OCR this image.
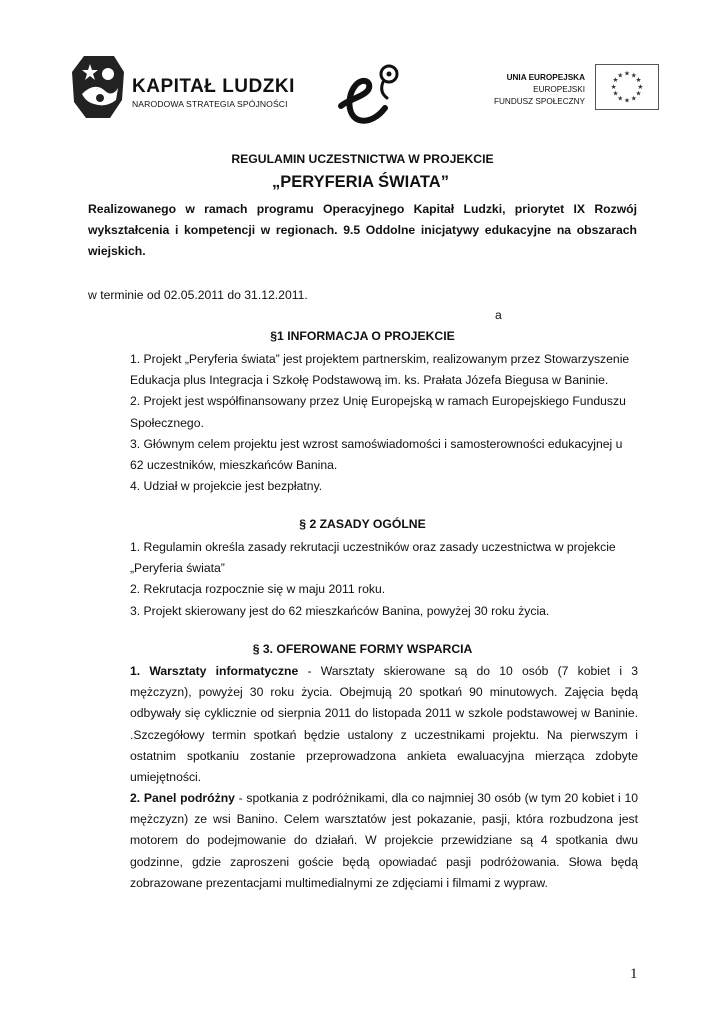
KAPITAŁ LUDZKI
NARODOWA STRATEGIA SPÓJNOŚCI
UNIA EUROPEJSKA
EUROPEJSKI
FUNDUSZ SPOŁECZNY
★ ★
★
★
★
★
★
★
★
★
★
★
REGULAMIN UCZESTNICTWA W PROJEKCIE
„PERYFERIA ŚWIATA”
Realizowanego w ramach programu Operacyjnego Kapitał Ludzki, priorytet IX Rozwój
wykształcenia i kompetencji w regionach. 9.5 Oddolne inicjatywy edukacyjne na obszarach
wiejskich.
w terminie od 02.05.2011 do 31.12.2011.
a
§1 INFORMACJA O PROJEKCIE
1. Projekt „Peryferia świata” jest projektem partnerskim, realizowanym przez Stowarzyszenie
Edukacja plus Integracja i Szkołę Podstawową im. ks. Prałata Józefa Biegusa w Baninie.
2. Projekt jest współfinansowany przez Unię Europejską w ramach Europejskiego Funduszu
Społecznego.
3. Głównym celem projektu jest wzrost samoświadomości i samosterowności edukacyjnej u
62 uczestników, mieszkańców Banina.
4. Udział w projekcie jest bezpłatny.
§ 2 ZASADY OGÓLNE
1. Regulamin określa zasady rekrutacji uczestników oraz zasady uczestnictwa w projekcie
„Peryferia świata”
2. Rekrutacja rozpocznie się w maju 2011 roku.
3. Projekt skierowany jest do 62 mieszkańców Banina, powyżej 30 roku życia.
§ 3. OFEROWANE FORMY WSPARCIA
1. Warsztaty informatyczne - Warsztaty skierowane są do 10 osób (7 kobiet i 3
mężczyzn), powyżej 30 roku życia. Obejmują 20 spotkań 90 minutowych. Zajęcia będą
odbywały się cyklicznie od sierpnia 2011 do listopada 2011 w szkole podstawowej w Baninie.
.Szczegółowy termin spotkań będzie ustalony z uczestnikami projektu. Na pierwszym i
ostatnim spotkaniu zostanie przeprowadzona ankieta ewaluacyjna mierząca zdobyte
umiejętności.
2. Panel podróżny - spotkania z podróżnikami, dla co najmniej 30 osób (w tym 20 kobiet i 10
mężczyzn) ze wsi Banino. Celem warsztatów jest pokazanie, pasji, która rozbudzona jest
motorem do podejmowanie do działań. W projekcie przewidziane są 4 spotkania dwu
godzinne, gdzie zaproszeni goście będą opowiadać pasji podróżowania. Słowa będą
zobrazowane prezentacjami multimedialnymi ze zdjęciami i filmami z wypraw.
1
